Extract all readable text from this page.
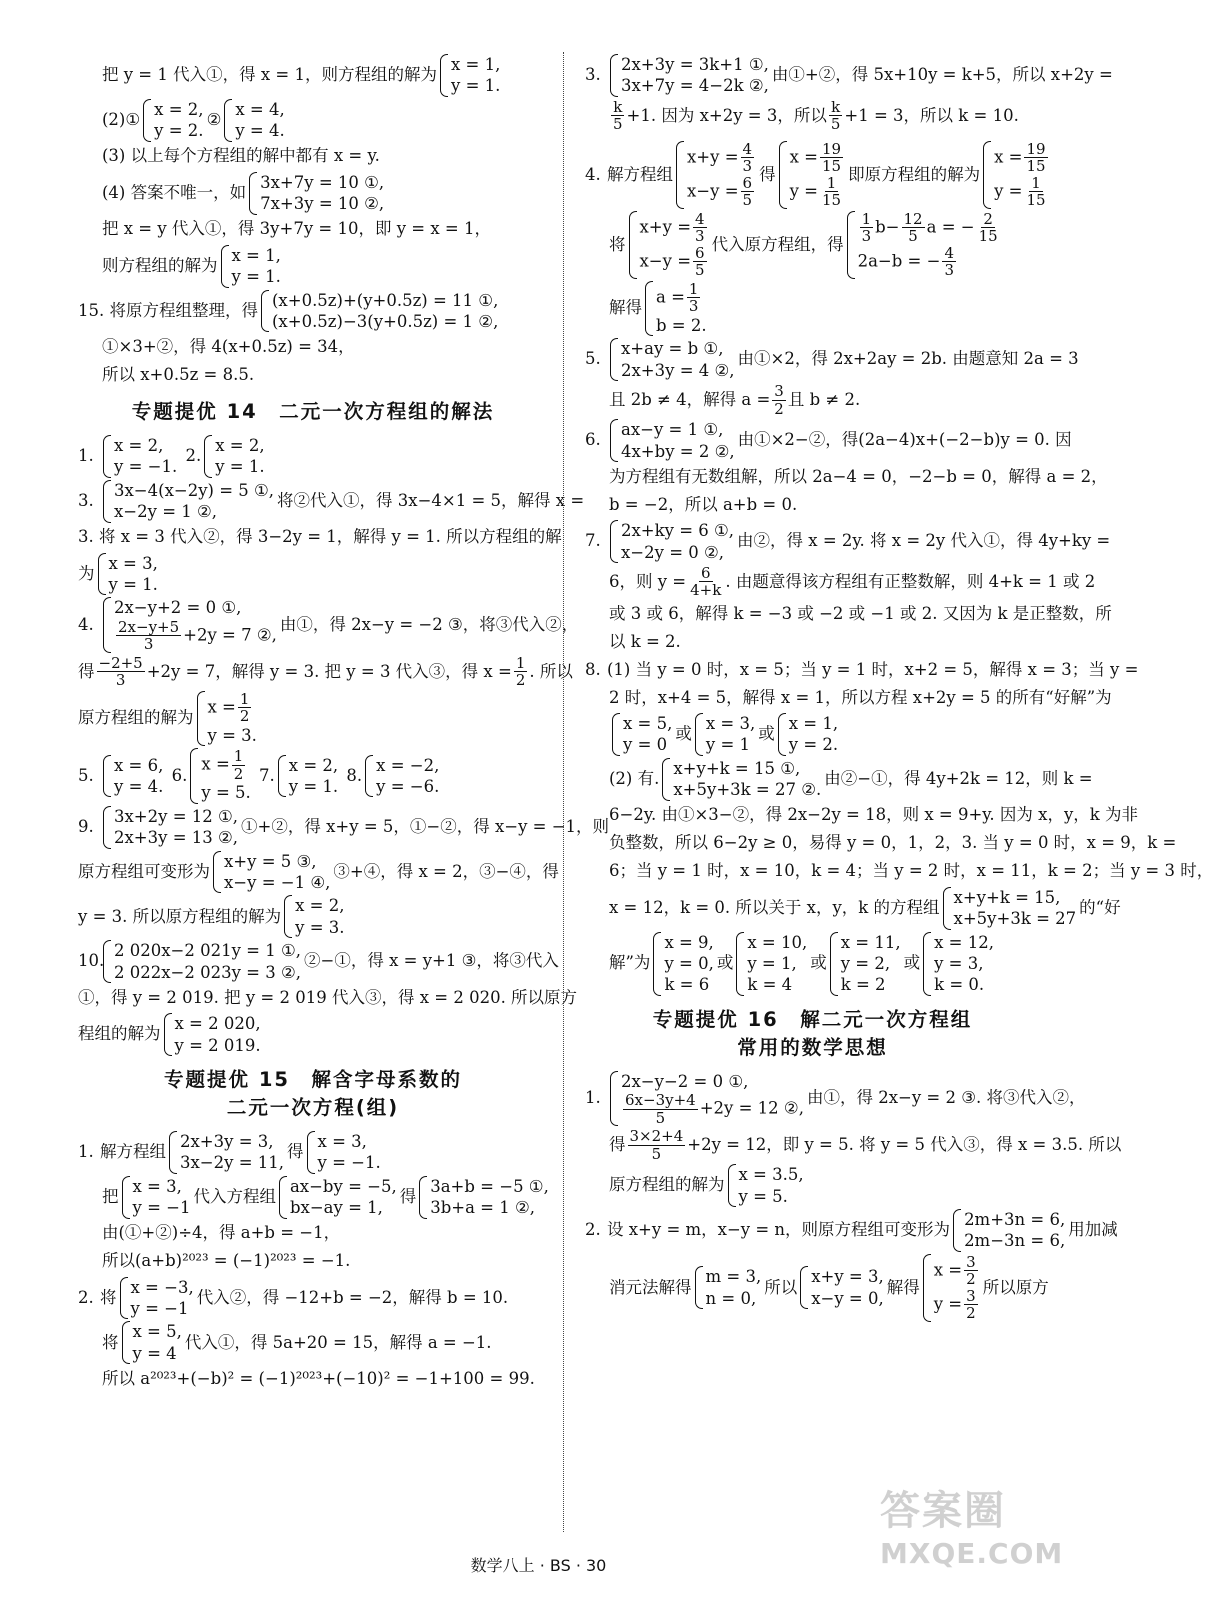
把 y = 1 代入①，得 x = 1，则方程组的解为
x = 1,
y = 1.
(2)①
x = 2,
y = 2.
②
x = 4,
y = 4.
(3) 以上每个方程组的解中都有 x = y.
(4) 答案不唯一，如
3x+7y = 10 ①,
7x+3y = 10 ②,
把 x = y 代入①，得 3y+7y = 10，即 y = x = 1，
则方程组的解为
x = 1,
y = 1.
15.
将原方程组整理，得
(x+0.5z)+(y+0.5z) = 11 ①,
(x+0.5z)−3(y+0.5z) = 1 ②,
①×3+②，得 4(x+0.5z) = 34，
所以 x+0.5z = 8.5.
专题提优 14　二元一次方程组的解法
1.
x = 2,
y = −1.

2.
x = 2,
y = 1.
3.
3x−4(x−2y) = 5 ①,
x−2y = 1 ②,
将②代入①，得 3x−4×1 = 5，解得 x =
3. 将 x = 3 代入②，得 3−2y = 1，解得 y = 1. 所以方程组的解
为
x = 3,
y = 1.
4.
2x−y+2 = 0 ①,
$\frac{2x-y+5}{3} +2y = 7$ ②,
由①，得 2x−y = −2 ③，将③代入②，
得 $\frac{-2+5}{3} +2y = 7$，解得 y = 3. 把 y = 3 代入③，得 $x = \frac{1}{2}$ . 所以
原方程组的解为
$x = \frac{1}{2}$
y = 3.
5.
x = 6,
y = 4.

6.
$x = \frac{1}{2}$
y = 5.

7.
x = 2,
y = 1.

8.
x = −2,
y = −6.
9.
3x+2y = 12 ①,
2x+3y = 13 ②,
①+②，得 x+y = 5，①−②，得 x−y = −1，则
原方程组可变形为
x+y = 5 ③,
x−y = −1 ④,
③+④，得 x = 2，③−④，得
y = 3. 所以原方程组的解为
x = 2,
y = 3.
10.
2 020x−2 021y = 1 ①,
2 022x−2 023y = 3 ②,
②−①，得 x = y+1 ③，将③代入
①，得 y = 2 019. 把 y = 2 019 代入③，得 x = 2 020. 所以原方
程组的解为
x = 2 020,
y = 2 019.
专题提优 15　解含字母系数的
二元一次方程(组)
1. 解方程组
2x+3y = 3,
3x−2y = 11,
得
x = 3,
y = −1.
把
x = 3,
y = −1
代入方程组
ax−by = −5,
bx−ay = 1,
得
3a+b = −5 ①,
3b+a = 1 ②,
由(①+②)÷4，得 a+b = −1，
所以(a+b)²⁰²³ = (−1)²⁰²³ = −1.
2. 将
x = −3,
y = −1
代入②，得 −12+b = −2，解得 b = 10.
将
x = 5,
y = 4
代入①，得 5a+20 = 15，解得 a = −1.
所以 a²⁰²³+(−b)² = (−1)²⁰²³+(−10)² = −1+100 = 99.
3.
2x+3y = 3k+1 ①,
3x+7y = 4−2k ②,
由①+②，得 5x+10y = k+5，所以 x+2y =
$\frac{k}{5} +1$. 因为 x+2y = 3，所以 $\frac{k}{5} +1 = 3$，所以 k = 10.
4. 解方程组
$x+y = \frac{4}{3}$
$x-y = \frac{6}{5}$
得
$x = \frac{19}{15}$
$y = \frac{1}{15}$
即原方程组的解为
$x = \frac{19}{15}$
$y = \frac{1}{15}$
将
$x+y = \frac{4}{3}$
$x-y = \frac{6}{5}$
代入原方程组，得 $\frac{1}{3} b- \frac{12}{5}$ a = − $\frac{2}{15}$
2a−b = − $\frac{4}{3}$
解得
$a = \frac{1}{3}$
b = 2.
5.
x+ay = b ①,
2x+3y = 4 ②,
由①×2，得 2x+2ay = 2b. 由题意知 2a = 3
且 2b ≠ 4，解得 $a = \frac{3}{2}$ 且 b ≠ 2.
6.
ax−y = 1 ①,
4x+by = 2 ②,
由①×2−②，得(2a−4)x+(−2−b)y = 0. 因
为方程组有无数组解，所以 2a−4 = 0，−2−b = 0，解得 a = 2，
b = −2，所以 a+b = 0.
7.
2x+ky = 6 ①,
x−2y = 0 ②,
由②，得 x = 2y. 将 x = 2y 代入①，得 4y+ky =
6，则 $y = \frac{6}{4+k}$ . 由题意得该方程组有正整数解，则 4+k = 1 或 2
或 3 或 6，解得 k = −3 或 −2 或 −1 或 2. 又因为 k 是正整数，所
以 k = 2.
8. (1) 当 y = 0 时，x = 5；当 y = 1 时，x+2 = 5，解得 x = 3；当 y =
2 时，x+4 = 5，解得 x = 1，所以方程 x+2y = 5 的所有“好解”为
x = 5,
y = 0
或
x = 3,
y = 1
或
x = 1,
y = 2.
(2) 有.
x+y+k = 15 ①,
x+5y+3k = 27 ②.
由②−①，得 4y+2k = 12，则 k =
6−2y. 由①×3−②，得 2x−2y = 18，则 x = 9+y. 因为 x，y，k 为非
负整数，所以 6−2y ≥ 0，易得 y = 0，1，2，3. 当 y = 0 时，x = 9，k =
6；当 y = 1 时，x = 10，k = 4；当 y = 2 时，x = 11，k = 2；当 y = 3 时，
x = 12，k = 0. 所以关于 x，y，k 的方程组
x+y+k = 15,
x+5y+3k = 27
的“好
解”为
x = 9,
y = 0,
k = 6
或
x = 10,
y = 1,
k = 4
或
x = 11,
y = 2,
k = 2
或
x = 12,
y = 3,
k = 0.
专题提优 16　解二元一次方程组
常用的数学思想
1.
2x−y−2 = 0 ①,
$\frac{6x-3y+4}{5} +2y = 12$ ②,
由①，得 2x−y = 2 ③. 将③代入②，
得 $\frac{3\times 2+4}{5} +2y = 12$，即 y = 5. 将 y = 5 代入③，得 x = 3.5. 所以
原方程组的解为
x = 3.5,
y = 5.
2. 设 x+y = m，x−y = n，则原方程组可变形为
2m+3n = 6,
2m−3n = 6,
用加减
消元法解得
m = 3,
n = 0,
所以
x+y = 3,
x−y = 0,
解得
$x = \frac{3}{2}$
$y = \frac{3}{2}$
所以原方
数学八上 · BS · 30
答案圈
MXQE.COM
